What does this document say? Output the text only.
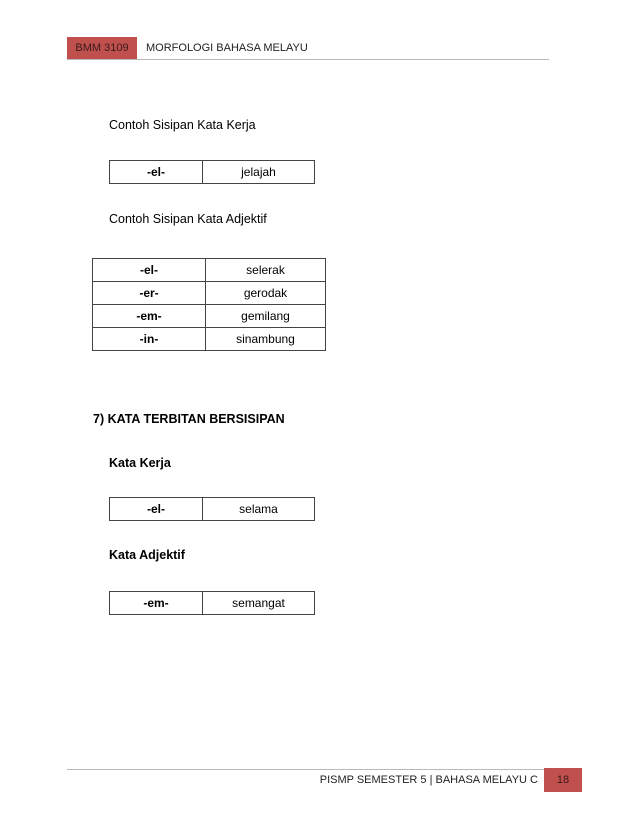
BMM 3109	MORFOLOGI BAHASA MELAYU
Contoh Sisipan Kata Kerja
-el-	jelajah
Contoh Sisipan Kata Adjektif
-el-	selerak
-er-	gerodak
-em-	gemilang
-in-	sinambung
7) KATA TERBITAN BERSISIPAN
Kata Kerja
-el-	selama
Kata Adjektif
-em-	semangat
PISMP SEMESTER 5 | BAHASA MELAYU C	18
